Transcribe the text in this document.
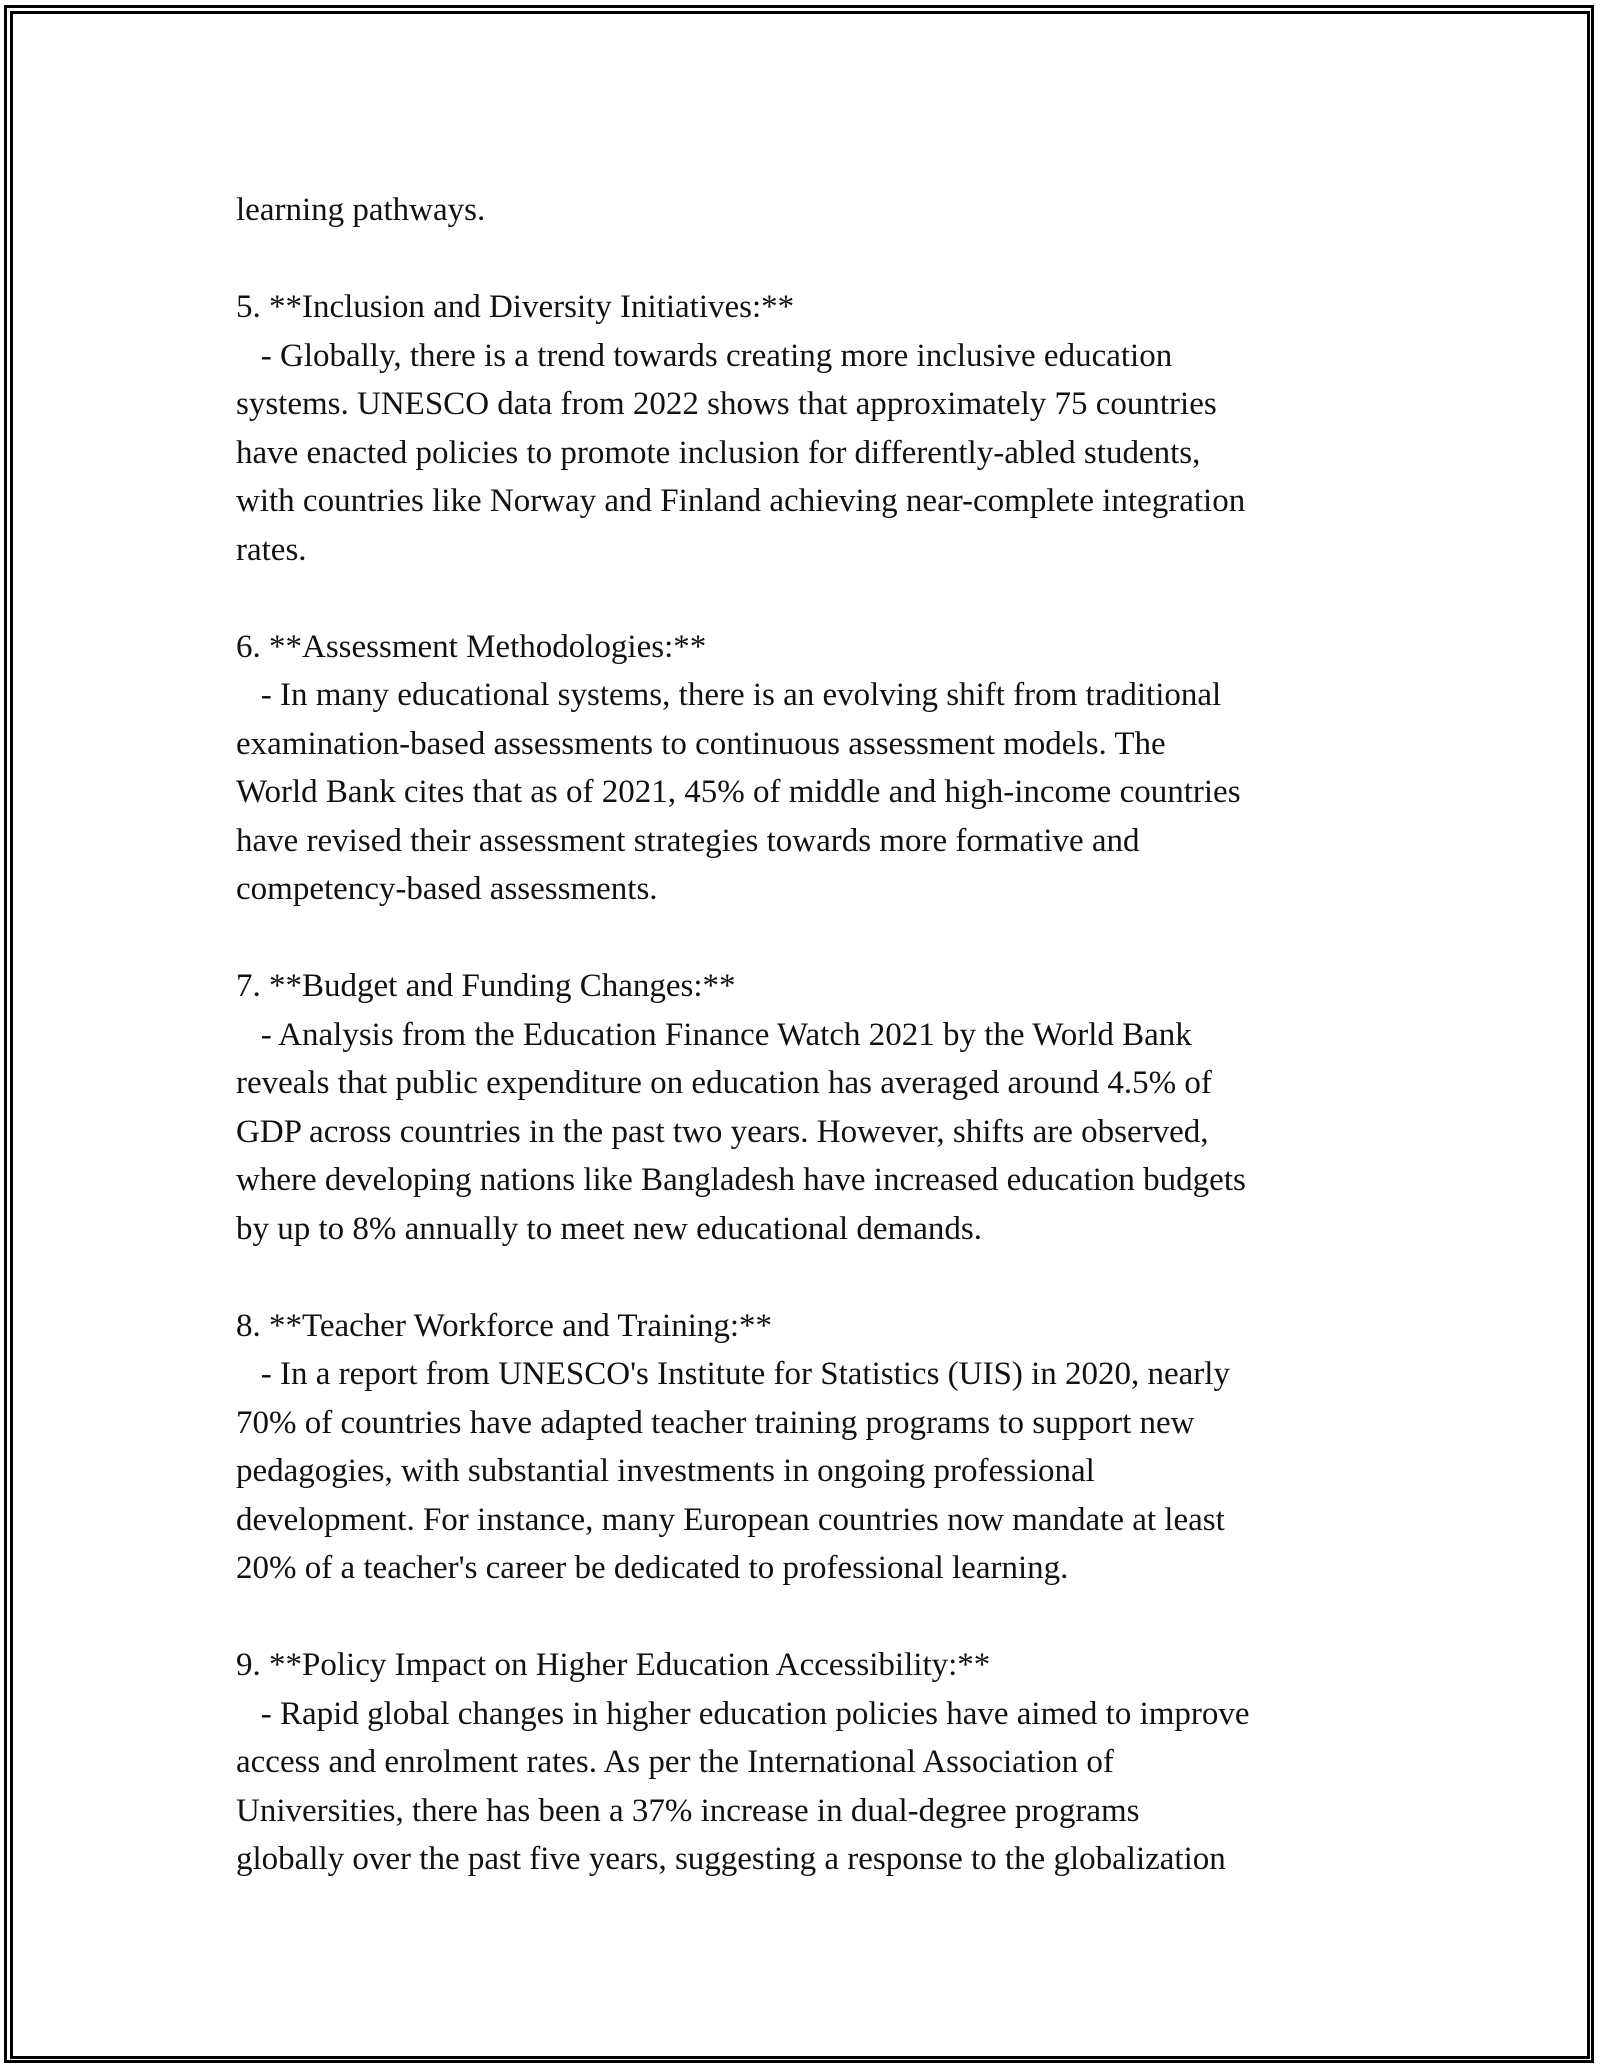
learning pathways.

5. **Inclusion and Diversity Initiatives:**
- Globally, there is a trend towards creating more inclusive education
systems. UNESCO data from 2022 shows that approximately 75 countries
have enacted policies to promote inclusion for differently-abled students,
with countries like Norway and Finland achieving near-complete integration
rates.

6. **Assessment Methodologies:**
- In many educational systems, there is an evolving shift from traditional
examination-based assessments to continuous assessment models. The
World Bank cites that as of 2021, 45% of middle and high-income countries
have revised their assessment strategies towards more formative and
competency-based assessments.

7. **Budget and Funding Changes:**
- Analysis from the Education Finance Watch 2021 by the World Bank
reveals that public expenditure on education has averaged around 4.5% of
GDP across countries in the past two years. However, shifts are observed,
where developing nations like Bangladesh have increased education budgets
by up to 8% annually to meet new educational demands.

8. **Teacher Workforce and Training:**
- In a report from UNESCO's Institute for Statistics (UIS) in 2020, nearly
70% of countries have adapted teacher training programs to support new
pedagogies, with substantial investments in ongoing professional
development. For instance, many European countries now mandate at least
20% of a teacher's career be dedicated to professional learning.

9. **Policy Impact on Higher Education Accessibility:**
- Rapid global changes in higher education policies have aimed to improve
access and enrolment rates. As per the International Association of
Universities, there has been a 37% increase in dual-degree programs
globally over the past five years, suggesting a response to the globalization
